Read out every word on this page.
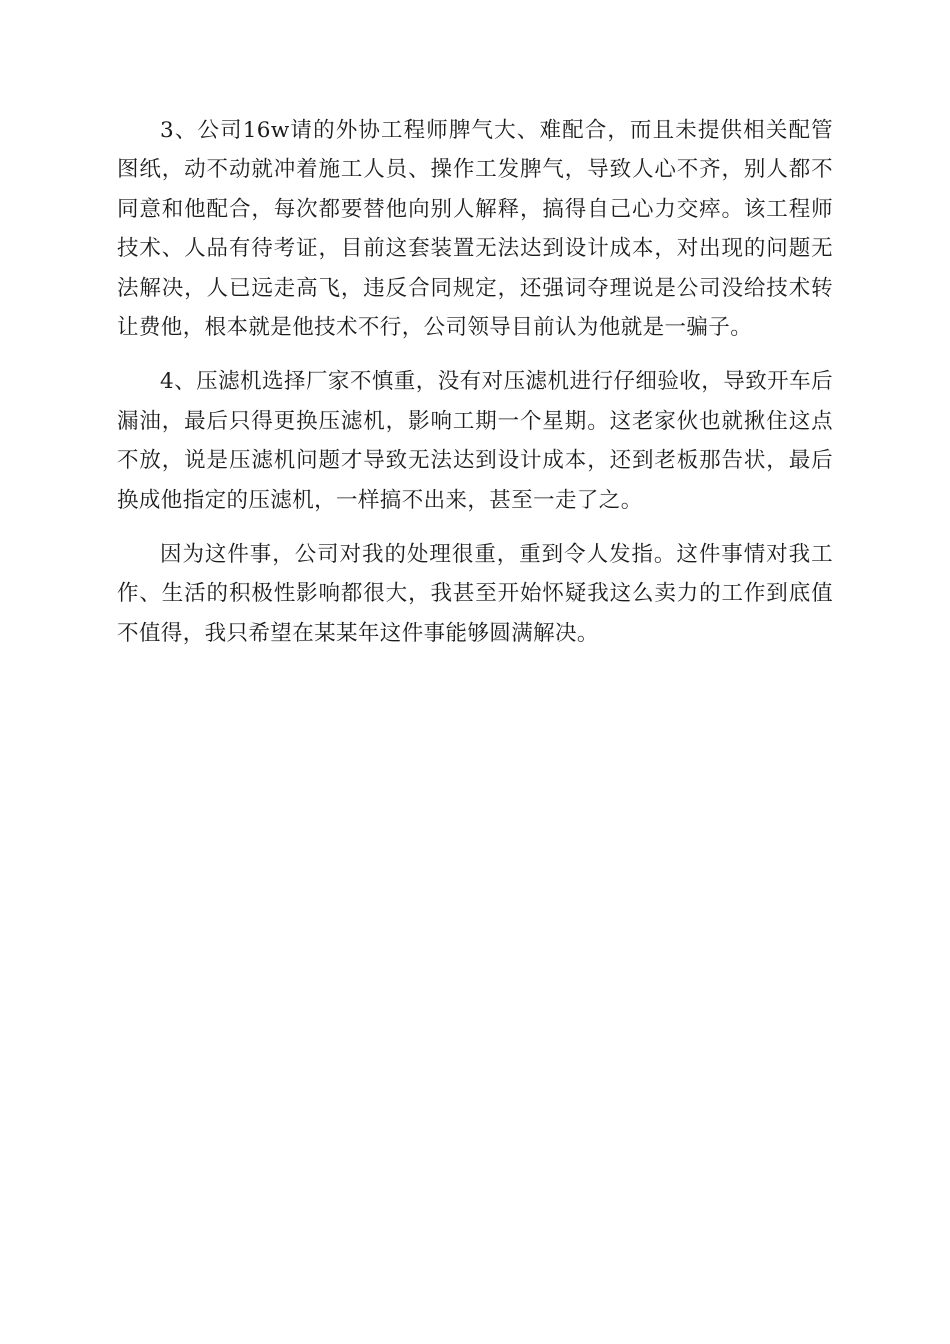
3、公司16w请的外协工程师脾气大、难配合，而且未提供相关配管图纸，动不动就冲着施工人员、操作工发脾气，导致人心不齐，别人都不同意和他配合，每次都要替他向别人解释，搞得自己心力交瘁。该工程师技术、人品有待考证，目前这套装置无法达到设计成本，对出现的问题无法解决，人已远走高飞，违反合同规定，还强词夺理说是公司没给技术转让费他，根本就是他技术不行，公司领导目前认为他就是一骗子。

4、压滤机选择厂家不慎重，没有对压滤机进行仔细验收，导致开车后漏油，最后只得更换压滤机，影响工期一个星期。这老家伙也就揪住这点不放，说是压滤机问题才导致无法达到设计成本，还到老板那告状，最后换成他指定的压滤机，一样搞不出来，甚至一走了之。

因为这件事，公司对我的处理很重，重到令人发指。这件事情对我工作、生活的积极性影响都很大，我甚至开始怀疑我这么卖力的工作到底值不值得，我只希望在某某年这件事能够圆满解决。
